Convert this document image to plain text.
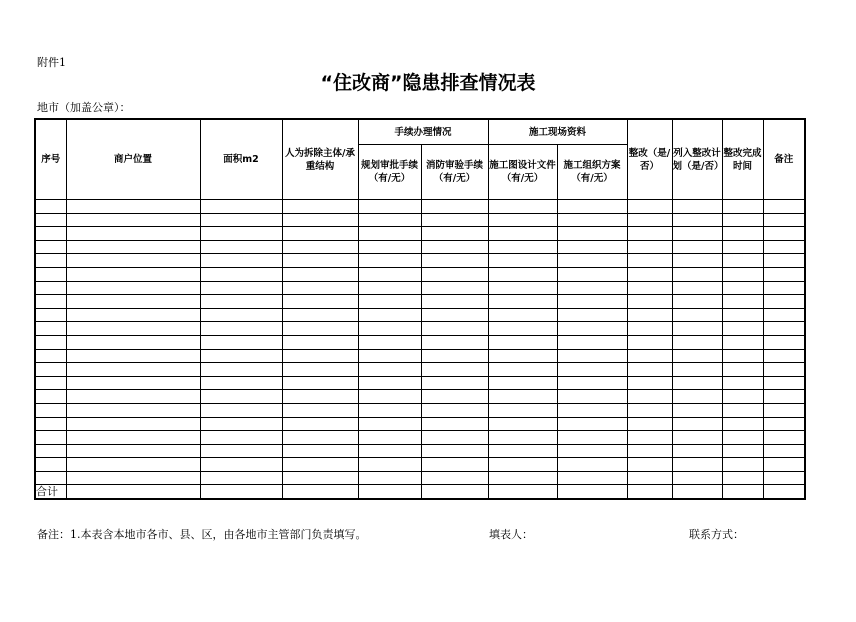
附件1
“住改商”隐患排查情况表
地市（加盖公章）：
序号	商户位置	面积m2	人为拆除主体/承重结构	手续办理情况		施工现场资料		整改（是/否）	列入整改计划（是/否）	整改完成时间	备注
				规划审批手续（有/无）	消防审验手续（有/无）	施工图设计文件（有/无）	施工组织方案（有/无）				

合计											
备注：1.本表含本地市各市、县、区，由各地市主管部门负责填写。	填表人：	联系方式：
